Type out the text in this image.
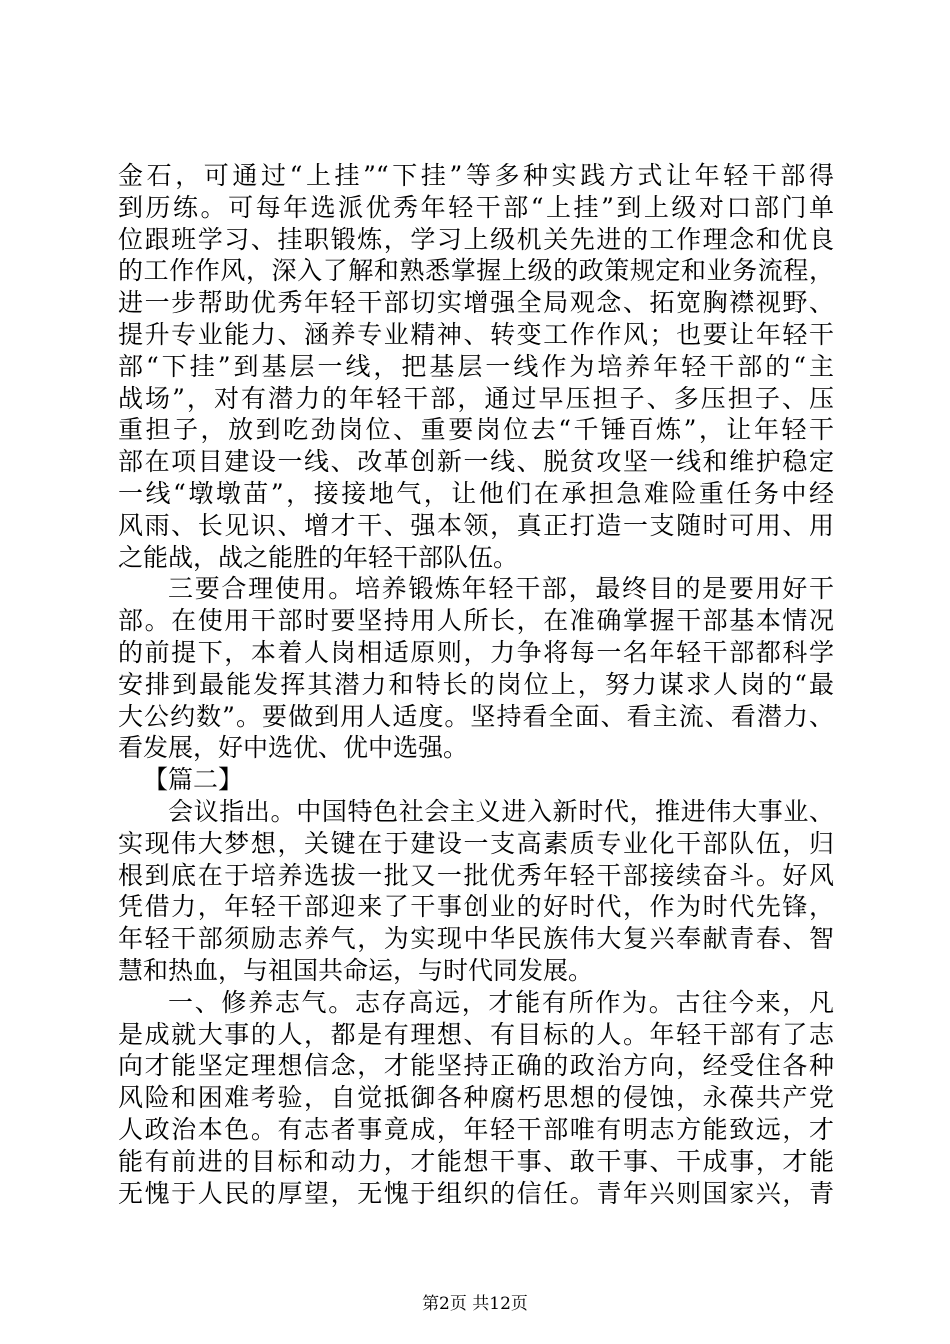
金石，可通过“上挂”“下挂”等多种实践方式让年轻干部得
到历练。可每年选派优秀年轻干部“上挂”到上级对口部门单
位跟班学习、挂职锻炼，学习上级机关先进的工作理念和优良
的工作作风，深入了解和熟悉掌握上级的政策规定和业务流程，
进一步帮助优秀年轻干部切实增强全局观念、拓宽胸襟视野、
提升专业能力、涵养专业精神、转变工作作风；也要让年轻干
部“下挂”到基层一线，把基层一线作为培养年轻干部的“主
战场”，对有潜力的年轻干部，通过早压担子、多压担子、压
重担子，放到吃劲岗位、重要岗位去“千锤百炼”，让年轻干
部在项目建设一线、改革创新一线、脱贫攻坚一线和维护稳定
一线“墩墩苗”，接接地气，让他们在承担急难险重任务中经
风雨、长见识、增才干、强本领，真正打造一支随时可用、用
之能战，战之能胜的年轻干部队伍。
三要合理使用。培养锻炼年轻干部，最终目的是要用好干
部。在使用干部时要坚持用人所长，在准确掌握干部基本情况
的前提下，本着人岗相适原则，力争将每一名年轻干部都科学
安排到最能发挥其潜力和特长的岗位上，努力谋求人岗的“最
大公约数”。要做到用人适度。坚持看全面、看主流、看潜力、
看发展，好中选优、优中选强。
【篇二】
会议指出。中国特色社会主义进入新时代，推进伟大事业、
实现伟大梦想，关键在于建设一支高素质专业化干部队伍，归
根到底在于培养选拔一批又一批优秀年轻干部接续奋斗。好风
凭借力，年轻干部迎来了干事创业的好时代，作为时代先锋，
年轻干部须励志养气，为实现中华民族伟大复兴奉献青春、智
慧和热血，与祖国共命运，与时代同发展。
一、修养志气。志存高远，才能有所作为。古往今来，凡
是成就大事的人，都是有理想、有目标的人。年轻干部有了志
向才能坚定理想信念，才能坚持正确的政治方向，经受住各种
风险和困难考验，自觉抵御各种腐朽思想的侵蚀，永葆共产党
人政治本色。有志者事竟成，年轻干部唯有明志方能致远，才
能有前进的目标和动力，才能想干事、敢干事、干成事，才能
无愧于人民的厚望，无愧于组织的信任。青年兴则国家兴，青
第2页 共12页
